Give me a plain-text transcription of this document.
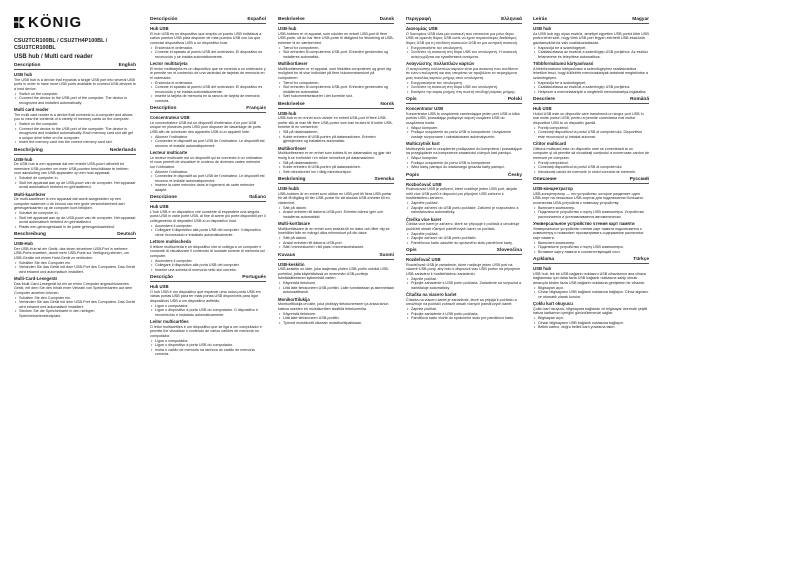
KÖNIG
CSU2TCR100BL / CSU2TH4P100BL / CSU3TCR100BL
USB hub / Multi card reader
Description	English
USB hub
The USB hub is a device that expands a single USB port into several USB ports in order to have more USB ports available to connect USB devices to a host device.
• Switch on the computer.
• Connect the device to the USB port of the computer. The device is recognized and installed automatically.
Multi card reader
The multi card reader is a device that connects to a computer and allows you to view the contents of a variety of memory cards on the computer.
• Switch on the computer.
• Connect the device to the USB port of the computer. The device is recognized and installed automatically. Each memory card slot will get a unique drive letter on the computer.
• Insert the memory card into the correct memory card slot.
Beschrijving	Nederlands
USB-hub
De USB-hub is een apparaat dat een enkele USB-poort uitbreidt tot meerdere USB-poorten om meer USB-poorten beschikbaar te hebben voor aansluiting van USB-apparaten op een host-apparaat.
• Schakel de computer in.
• Sluit het apparaat aan op de USB-poort van de computer. Het apparaat wordt automatisch herkend en geïnstalleerd.
Multi-kaartlezer
De multi-kaartlezer is een apparaat dat wordt aangesloten op een computer waarmee u de inhoud van een grote verscheidenheid aan geheugenkaarten op de computer kunt bekijken.
• Schakel de computer in.
• Sluit het apparaat aan op de USB-poort van de computer. Het apparaat wordt automatisch herkend en geïnstalleerd.
• Plaats een geheugenkaart in de juiste geheugenkaartsleuf.
Beschreibung	Deutsch
USB-Hub
Der USB-Hub ist ein Gerät, das einen einzelnen USB-Port in mehrere USB-Ports erweitert, damit mehr USB-Ports zur Verfügung stehen, um USB-Geräte mit einem Host-Gerät zu verbinden.
• Schalten Sie den Computer ein.
• Verbinden Sie das Gerät mit dem USB-Port des Computers. Das Gerät wird erkannt und automatisch installiert.
Multi-Card-Lesegerät
Das Multi-Card-Lesegerät ist ein an einen Computer angeschlossenes Gerät, mit dem Sie den Inhalt einer Vielzahl von Speicherkarten auf dem Computer ansehen können.
• Schalten Sie den Computer ein.
• Verbinden Sie das Gerät mit dem USB-Port des Computers. Das Gerät wird erkannt und automatisch installiert.
• Stecken Sie die Speicherkarte in den richtigen Speicherkartensteckplatz.
Descripción	Español
Hub USB
El hub USB es un dispositivo que amplía un puerto USB individual a varios puertos USB para disponer de más puertos USB con los que conectar dispositivos USB a un dispositivo host.
• Encienda el ordenador.
• Conecte el aparato al puerto USB del ordenador. El dispositivo es reconocido y se instala automáticamente.
Lector multitarjeta
El lector multitarjeta es un dispositivo que se conecta a un ordenador y le permite ver el contenido de una variedad de tarjetas de memoria en el ordenador.
• Encienda el ordenador.
• Conecte el aparato al puerto USB del ordenador. El dispositivo es reconocido y se instala automáticamente.
• Inserte la tarjeta de memoria en la ranura de tarjeta de memoria correcta.
Description	Français
Concentrateur USB
Le concentrateur USB est un dispositif d'extension d'un port USB unique en plusieurs ports USB pour disposer de davantage de ports USB afin de connecter des appareils USB à un appareil hôte.
• Allumez l'ordinateur.
• Connectez le dispositif au port USB de l'ordinateur. Le dispositif est reconnu et installé automatiquement.
Lecteur multicarte
Le lecteur multicarte est un dispositif qui se connecte à un ordinateur et vous permet de visualiser le contenu de diverses cartes mémoire sur l'ordinateur.
• Allumez l'ordinateur.
• Connectez le dispositif au port USB de l'ordinateur. Le dispositif est reconnu et installé automatiquement.
• Insérez la carte mémoire dans le logement de carte mémoire adapté.
Descrizione	Italiano
Hub USB
L'hub USB è un dispositivo che consente di espandere una singola porta USB in varie porte USB, al fine di avere più porte disponibili per il collegamento di dispositivi USB a un dispositivo host.
• Accendere il computer.
• Collegare il dispositivo alla porta USB del computer. Il dispositivo viene riconosciuto e installato automaticamente.
Lettore multischeda
Il lettore multischeda è un dispositivo che si collega a un computer e consente di visualizzare il contenuto di svariate schede di memoria sul computer.
• Accendere il computer.
• Collegare il dispositivo alla porta USB del computer.
• Inserire una scheda di memoria nello slot corretto.
Descrição	Português
Hub USB
O hub USB é um dispositivo que expande uma única porta USB em várias portas USB para ter mais portas USB disponíveis para ligar dispositivos USB a um dispositivo anfitrião.
• Ligue o computador.
• Ligue o dispositivo à porta USB do computador. O dispositivo é reconhecido e instalado automaticamente.
Leitor multicartões
O leitor multicartões é um dispositivo que se liga a um computador e permite-lhe visualizar o conteúdo de vários cartões de memoria no computador.
• Ligue o computador.
• Ligue o dispositivo à porta USB do computador.
• Insira o cartão de memória na ranhura do cartão de memória correcta.
Beskrivelse	Dansk
USB-hub
USB-hubben er et apparat, som udvider en enkelt USB-port til flere USB-porte, så du har flere USB-porte til rådighed for tilslutning af USB-enheder til en værtsenhed.
• Tænd for computeren.
• Slut enheden til computerens USB-port. Enheden genkendes og installeres automatisk.
Multikortlæser
Multikortlæseren er et apparat, som tilsluttes computeren og giver dig mulighed for at vise indholdet på flere hukommelseskort på computeren.
• Tænd for computeren.
• Slut enheden til computerens USB-port. Enheden genkendes og installeres automatisk.
• Sæt hukommelseskortet i det korrekte slot.
Beskrivelse	Norsk
USB-hub
USB-hub er en enhet som utvider en enkelt USB-port til flere USB-porter slik at man får flere USB-porter som kan brukes til å koble USB-enheter til en vertsenhet.
• Slå på datamaskinen.
• Koble enheten til USB-porten på datamaskinen. Enheten gjenkjennes og installeres automatisk.
Multikortleser
Multikortleseren er en enhet som kobles til en datamaskin og gjør det mulig å se innholdet i en rekke minnekort på datamaskinen.
• Slå på datamaskinen.
• Koble enheten til USB-porten på datamaskinen.
• Sett minnekortet inn i riktig minnekortspor.
Beskrivning	Svenska
USB-hubb
USB-hubben är en enhet som utökar en USB-port till flera USB-portar för att få tillgång till fler USB-portar för att ansluta USB-enheter till en värdenhet.
• Sätt på datorn.
• Anslut enheten till datorns USB-port. Enheten känns igen och installeras automatiskt.
Multi-kortläsare
Multikortläsaren är en enhet som ansluts till en dator och låter dig se innehållet från en mängd olika minneskort på din dator.
• Sätt på datorn.
• Anslut enheten till datorns USB-port.
• Sätt i minneskortet i rätt plats i minneskortsfacket.
Kuvaus	Suomi
USB-keskitin
USB-keskitin on laite, joka laajentaa yhden USB-portin useiksi USB-porteiksi, jotta käytettävissä on enemmän USB-portteja isäntälaitteeseen kytkemistä varten.
• Käynnistä tietokone.
• Liitä laite tietokoneen USB-porttiin. Laite tunnistetaan ja asennetaan automaattisesti.
Monikorttilukija
Monikorttilukija on laite, joka yhdistyy tietokoneeseen ja antaa sinun katsoa useiden eri muistikorttien sisältöä tietokoneella.
• Käynnistä tietokone.
• Liitä laite tietokoneen USB-porttiin.
• Työnnä muistikortti oikeaan muistikorttipaikkaan.
Περιγραφή	Ελληνικά
Διανομέας USB
Ο διανομέας USB είναι μια συσκευή που επεκτείνει μια μόνο θύρα USB σε αρκετές θύρες USB ώστε να έχετε περισσότερες διαθέσιμες θύρες USB για τη σύνδεση συσκευών USB σε μια κεντρική συσκευή.
• Ενεργοποιήστε τον υπολογιστή.
• Συνδέστε τη συσκευή στη θύρα USB του υπολογιστή. Η συσκευή αναγνωρίζεται και εγκαθίσταται αυτόματα.
Αναγνώστης πολλαπλών καρτών
Ο αναγνώστης πολλαπλών καρτών είναι μια συσκευή που συνδέεται σε έναν υπολογιστή και σας επιτρέπει να προβάλετε τα περιεχόμενα μιας ποικιλίας καρτών μνήμης στον υπολογιστή.
• Ενεργοποιήστε τον υπολογιστή.
• Συνδέστε τη συσκευή στη θύρα USB του υπολογιστή.
• Εισάγετε την κάρτα μνήμης στη σωστή υποδοχή κάρτας μνήμης.
Opis	Polski
Koncentrator USB
Koncentrator USB to urządzenie zamieniające jeden port USB w kilka portów USB, pozwalając podłączyć więcej urządzeń USB do urządzenia hosta.
• Włącz komputer.
• Podłącz urządzenie do portu USB w komputerze. Urządzenie zostaje rozpoznane i zainstalowane automatycznie.
Multiczytnik kart
Multiczytnik kart to urządzenie podłączane do komputera i pozwalające na przeglądanie na komputerze zawartości różnych kart pamięci.
• Włącz komputer.
• Podłącz urządzenie do portu USB w komputerze.
• Włóż kartę pamięci do właściwego gniazda karty pamięci.
Popis	Česky
Rozbočovač USB
Rozbočovač USB je zařízení, které rozšiřuje jeden USB port, abyste měli více USB portů k dispozici pro připojení USB zařízení k hostitelskému zařízení.
• Zapněte počítač.
• Zapojte zařízení do USB portu počítače. Zařízení je rozpoznáno a nainstalováno automaticky.
Čtečka více karet
Čtečka více karet je zařízení, které se připojuje k počítači a umožňuje prohlížet obsah různých paměťových karet na počítači.
• Zapněte počítač.
• Zapojte zařízení do USB portu počítače.
• Paměťovou kartu zasuňte do správného slotu paměťové karty.
Opis	Slovenčina
Rozdeľovač USB
Rozdeľovač USB je zariadenie, ktoré rozširuje jeden USB port na viaceré USB porty, aby bolo k dispozícii viac USB portov na pripojenie USB zariadení k hostiteľskému zariadeniu.
• Zapnite počítač.
• Pripojte zariadenie k USB portu počítača. Zariadenie sa rozpozná a nainštaluje automaticky.
Čítačka na viacero kariet
Čítačka na viacero kariet je zariadenie, ktoré sa pripája k počítaču a umožňuje na počítači zobraziť obsah rôznych pamäťových kariet.
• Zapnite počítač.
• Pripojte zariadenie k USB portu počítača.
• Pamäťovú kartu vložte do správneho slotu pre pamäťovú kartu.
Leírás	Magyar
USB hub
Az USB hub egy olyan eszköz, amellyel egyetlen USB portot több USB portra lehet szét, hogy több USB port legyen elérhető USB-eszközök gazdaeszközhöz való csatlakoztatására.
• Kapcsolja be a számítógépet.
• Csatlakoztassa az eszközt a számítógép USB portjához. Az eszköz felismerése és telepítése automatikus.
Többformátumú kártyaolvasó
A többformátumú kártyaolvasó a számítógéphez csatlakoztatva lehetővé teszi, hogy különféle memóriakártyák tartalmát megtekintse a számítógépen.
• Kapcsolja be a számítógépet.
• Csatlakoztassa az eszközt a számítógép USB portjához.
• Helyezze a memóriakártyát a megfelelő memóriakártya-foglalatba.
Descriere	Română
Hub USB
Hubul USB este un dispozitiv care transformă un singur port USB în mai multe porturi USB, pentru a permite conectarea mai multor dispozitive USB la un dispozitiv gazdă.
• Porniţi computerul.
• Conectaţi dispozitivul la portul USB al computerului. Dispozitivul este recunoscut şi instalat automat.
Cititor multicard
Cititorul multicard este un dispozitiv care se conectează la un computer şi vă permite să vizualizaţi conţinutul a numeroase carduri de memorie pe computer.
• Porniţi computerul.
• Conectaţi dispozitivul la portul USB al computerului.
• Introduceţi cardul de memorie în slotul corectat de memorie.
Описание	Русский
USB-концентратор
USB-концентратор — это устройство, которое разделяет один USB-порт на несколько USB-портов для подключения большего количества USB-устройств к главному устройству.
• Включите компьютер.
• Подключите устройство к порту USB компьютера. Устройство распознается и устанавливается автоматически.
Универсальное устройство чтения карт памяти
Универсальное устройство чтения карт памяти подключается к компьютеру и позволяет просматривать содержимое различных карт памяти.
• Включите компьютер.
• Подключите устройство к порту USB компьютера.
• Вставьте карту памяти в соответствующий слот.
Açıklama	Türkçe
USB hub
USB hub, tek bir USB bağlantı noktasını USB cihazlarının ana cihaza bağlanması için daha fazla USB bağlantı noktasına sahip olmak amacıyla birden fazla USB bağlantı noktasına genişleten bir cihazdır.
• Bilgisayarı açın.
• Cihazı bilgisayarın USB bağlantı noktasına bağlayın. Cihaz algılanır ve otomatik olarak kurulur.
Çoklu kart okuyucu
Çoklu kart okuyucu, bilgisayara bağlanan ve bilgisayar üzerinde çeşitli hafıza kartlarının içeriğini görüntülemenizi sağlar.
• Bilgisayarı açın.
• Cihazı bilgisayarın USB bağlantı noktasına bağlayın.
• Bellek kartını, doğru bellek kartı yuvasına takın.
